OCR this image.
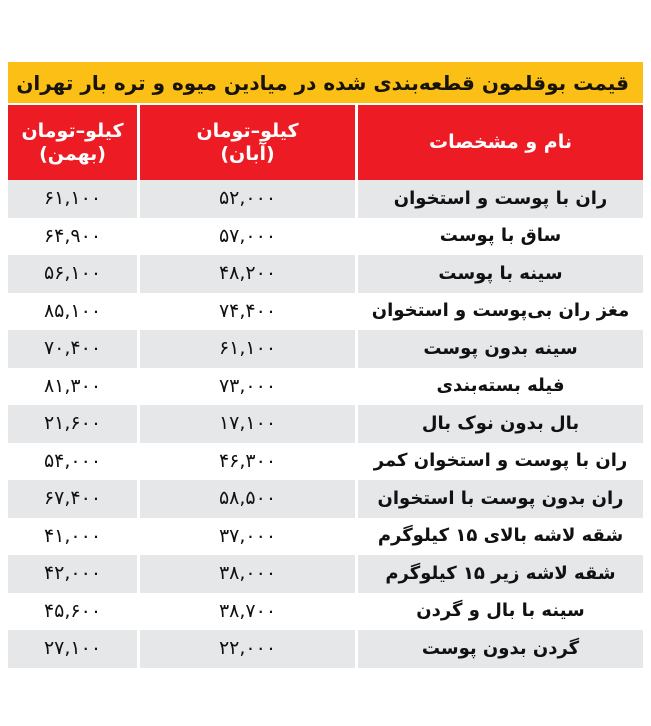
قیمت بوقلمون قطعه‌بندی شده در میادین میوه و تره بار تهران
نام و مشخصات
کیلو–تومان
(آبان)
کیلو–تومان
(بهمن)
ران با پوست و استخوان
۵۲,۰۰۰
۶۱,۱۰۰
ساق با پوست
۵۷,۰۰۰
۶۴,۹۰۰
سینه با پوست
۴۸,۲۰۰
۵۶,۱۰۰
مغز ران بی‌پوست و استخوان
۷۴,۴۰۰
۸۵,۱۰۰
سینه بدون پوست
۶۱,۱۰۰
۷۰,۴۰۰
فیله بسته‌بندی
۷۳,۰۰۰
۸۱,۳۰۰
بال بدون نوک بال
۱۷,۱۰۰
۲۱,۶۰۰
ران با پوست و استخوان کمر
۴۶,۳۰۰
۵۴,۰۰۰
ران بدون پوست با استخوان
۵۸,۵۰۰
۶۷,۴۰۰
شقه لاشه بالای ۱۵ کیلوگرم
۳۷,۰۰۰
۴۱,۰۰۰
شقه لاشه زیر ۱۵ کیلوگرم
۳۸,۰۰۰
۴۲,۰۰۰
سینه با بال و گردن
۳۸,۷۰۰
۴۵,۶۰۰
گردن بدون پوست
۲۲,۰۰۰
۲۷,۱۰۰
